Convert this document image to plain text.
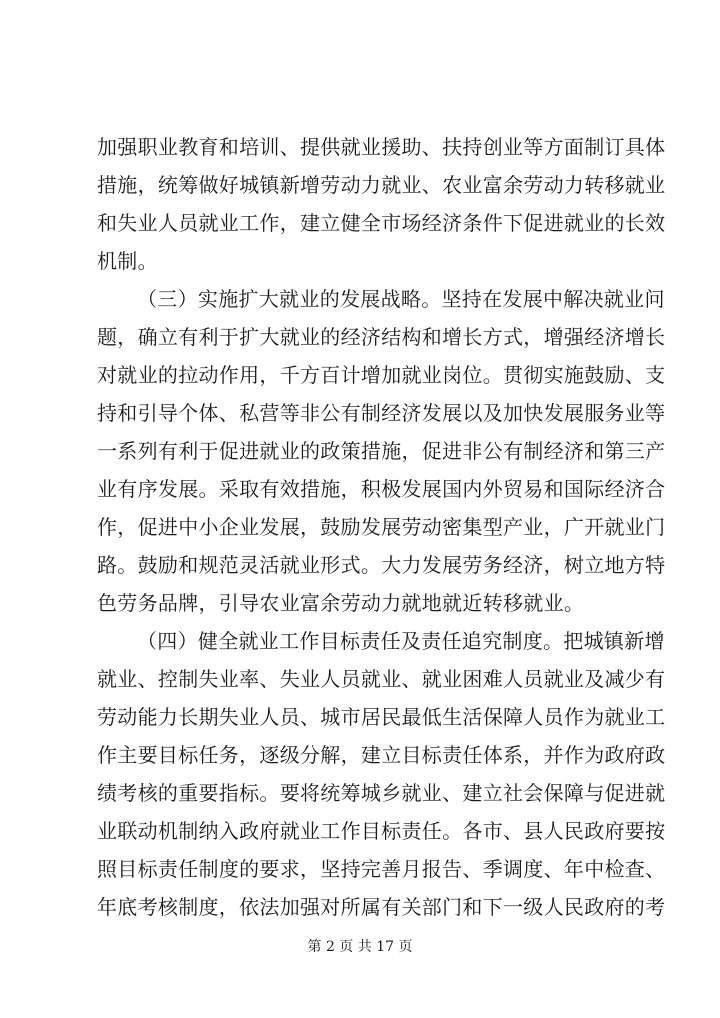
加强职业教育和培训、提供就业援助、扶持创业等方面制订具体
措施，统筹做好城镇新增劳动力就业、农业富余劳动力转移就业
和失业人员就业工作，建立健全市场经济条件下促进就业的长效
机制。
（三）实施扩大就业的发展战略。坚持在发展中解决就业问
题，确立有利于扩大就业的经济结构和增长方式，增强经济增长
对就业的拉动作用，千方百计增加就业岗位。贯彻实施鼓励、支
持和引导个体、私营等非公有制经济发展以及加快发展服务业等
一系列有利于促进就业的政策措施，促进非公有制经济和第三产
业有序发展。采取有效措施，积极发展国内外贸易和国际经济合
作，促进中小企业发展，鼓励发展劳动密集型产业，广开就业门
路。鼓励和规范灵活就业形式。大力发展劳务经济，树立地方特
色劳务品牌，引导农业富余劳动力就地就近转移就业。
（四）健全就业工作目标责任及责任追究制度。把城镇新增
就业、控制失业率、失业人员就业、就业困难人员就业及减少有
劳动能力长期失业人员、城市居民最低生活保障人员作为就业工
作主要目标任务，逐级分解，建立目标责任体系，并作为政府政
绩考核的重要指标。要将统筹城乡就业、建立社会保障与促进就
业联动机制纳入政府就业工作目标责任。各市、县人民政府要按
照目标责任制度的要求，坚持完善月报告、季调度、年中检查、
年底考核制度，依法加强对所属有关部门和下一级人民政府的考
第 2 页 共 17 页
